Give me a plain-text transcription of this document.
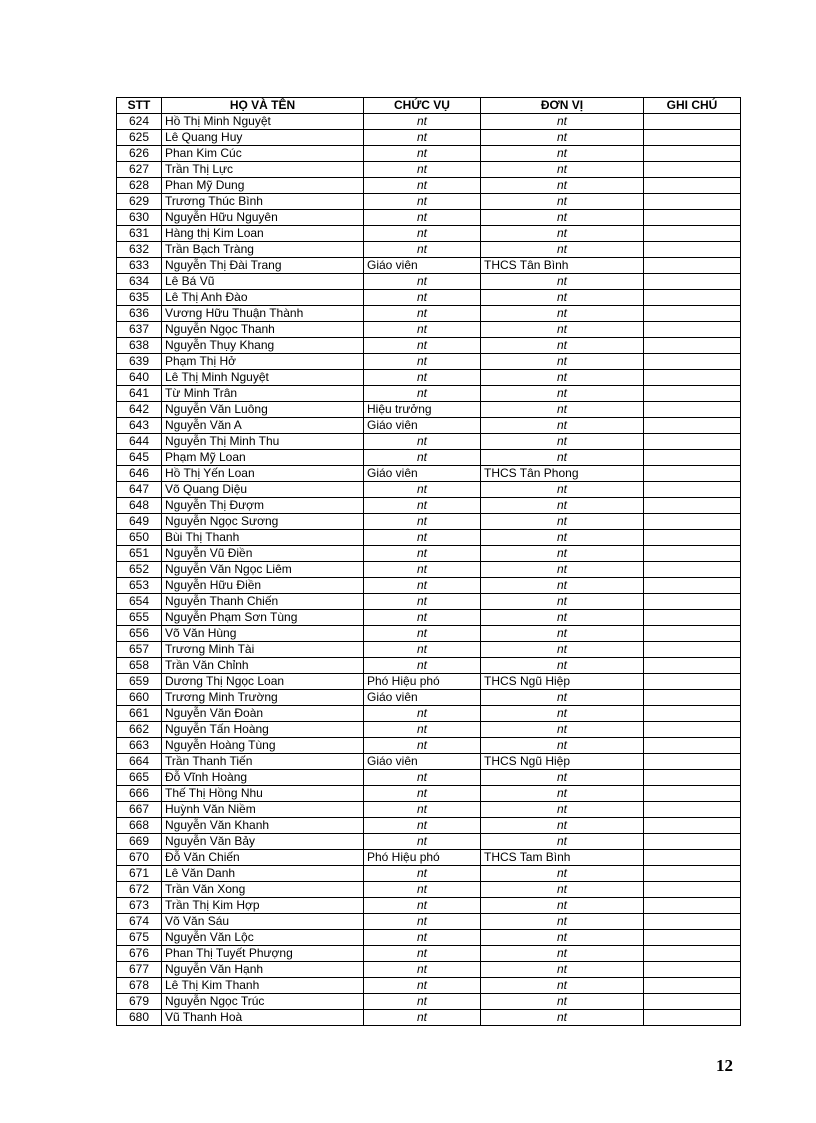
STT	HỌ VÀ TÊN	CHỨC VỤ	ĐƠN VỊ	GHI CHÚ
624	Hồ Thị Minh Nguyệt	nt	nt	
625	Lê Quang Huy	nt	nt	
626	Phan Kim Cúc	nt	nt	
627	Trần Thị Lực	nt	nt	
628	Phan Mỹ Dung	nt	nt	
629	Trương Thúc Bình	nt	nt	
630	Nguyễn Hữu Nguyên	nt	nt	
631	Hàng thị Kim Loan	nt	nt	
632	Trần Bạch Tràng	nt	nt	
633	Nguyễn Thị Đài Trang	Giáo viên	THCS Tân Bình	
634	Lê Bá Vũ	nt	nt	
635	Lê Thị Anh Đào	nt	nt	
636	Vương Hữu Thuận Thành	nt	nt	
637	Nguyễn Ngọc Thanh	nt	nt	
638	Nguyễn Thụy Khang	nt	nt	
639	Phạm Thị Hở	nt	nt	
640	Lê Thị Minh Nguyệt	nt	nt	
641	Từ Minh Trân	nt	nt	
642	Nguyễn Văn Luông	Hiệu trưởng	nt	
643	Nguyễn Văn A	Giáo viên	nt	
644	Nguyễn Thị Minh Thu	nt	nt	
645	Phạm Mỹ Loan	nt	nt	
646	Hồ Thị Yến Loan	Giáo viên	THCS Tân Phong	
647	Võ Quang Diệu	nt	nt	
648	Nguyễn Thị Đượm	nt	nt	
649	Nguyễn Ngọc Sương	nt	nt	
650	Bùi Thị Thanh	nt	nt	
651	Nguyễn Vũ Điền	nt	nt	
652	Nguyễn Văn Ngọc Liêm	nt	nt	
653	Nguyễn Hữu Điền	nt	nt	
654	Nguyễn Thanh Chiến	nt	nt	
655	Nguyễn Phạm Sơn Tùng	nt	nt	
656	Võ Văn Hùng	nt	nt	
657	Trương Minh Tài	nt	nt	
658	Trần Văn Chỉnh	nt	nt	
659	Dương Thị Ngọc Loan	Phó Hiệu phó	THCS Ngũ Hiệp	
660	Trương Minh Trường	Giáo viên	nt	
661	Nguyễn Văn Đoàn	nt	nt	
662	Nguyễn Tấn Hoàng	nt	nt	
663	Nguyễn Hoàng Tùng	nt	nt	
664	Trần Thanh Tiến	Giáo viên	THCS Ngũ Hiệp	
665	Đỗ Vĩnh Hoàng	nt	nt	
666	Thế Thị Hồng Nhu	nt	nt	
667	Huỳnh Văn Niềm	nt	nt	
668	Nguyễn Văn Khanh	nt	nt	
669	Nguyễn Văn Bảy	nt	nt	
670	Đỗ Văn Chiến	Phó Hiệu phó	THCS Tam Bình	
671	Lê Văn Danh	nt	nt	
672	Trần Văn Xong	nt	nt	
673	Trần Thị Kim Hợp	nt	nt	
674	Võ Văn Sáu	nt	nt	
675	Nguyễn Văn Lộc	nt	nt	
676	Phan Thị Tuyết Phượng	nt	nt	
677	Nguyễn Văn Hạnh	nt	nt	
678	Lê Thị Kim Thanh	nt	nt	
679	Nguyễn Ngọc Trúc	nt	nt	
680	Vũ Thanh Hoà	nt	nt	
12
